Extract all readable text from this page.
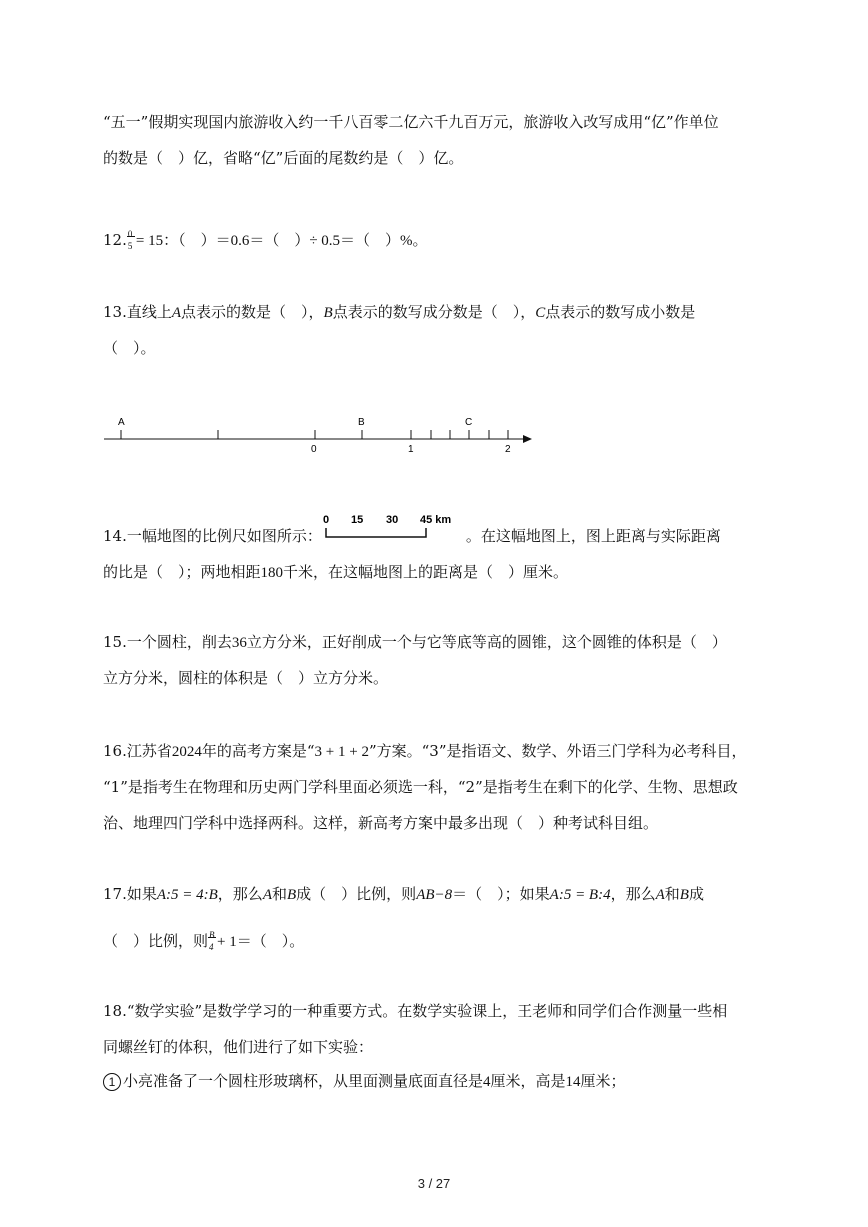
“五一”假期实现国内旅游收入约一千八百零二亿六千九百万元，旅游收入改写成用“亿”作单位
的数是（　）亿，省略“亿”后面的尾数约是（　）亿。
12. 0
5 = 15：（　）＝0.6＝（　）÷ 0.5＝（　）%。
13.直线上A点表示的数是（　），B点表示的数写成分数是（　），C点表示的数写成小数是
（　）。
A	B	C
0	1	2
14.一幅地图的比例尺如图所示：
0 15 30 45 km
。在这幅地图上，图上距离与实际距离
的比是（　）；两地相距180千米，在这幅地图上的距离是（　）厘米。
15.一个圆柱，削去36立方分米，正好削成一个与它等底等高的圆锥，这个圆锥的体积是（　）
立方分米，圆柱的体积是（　）立方分米。
16.江苏省2024年的高考方案是“3 + 1 + 2”方案。“3”是指语文、数学、外语三门学科为必考科目，
“1”是指考生在物理和历史两门学科里面必须选一科，“2”是指考生在剩下的化学、生物、思想政
治、地理四门学科中选择两科。这样，新高考方案中最多出现（　）种考试科目组。
17.如果A:5 = 4:B，那么A和B成（　）比例，则AB−8＝（　）；如果A:5 = B:4，那么A和B成
（　）比例，则 B
4 + 1＝（　）。
18.“数学实验”是数学学习的一种重要方式。在数学实验课上，王老师和同学们合作测量一些相
同螺丝钉的体积，他们进行了如下实验：
1 小亮准备了一个圆柱形玻璃杯，从里面测量底面直径是4厘米，高是14厘米；
3 / 27
